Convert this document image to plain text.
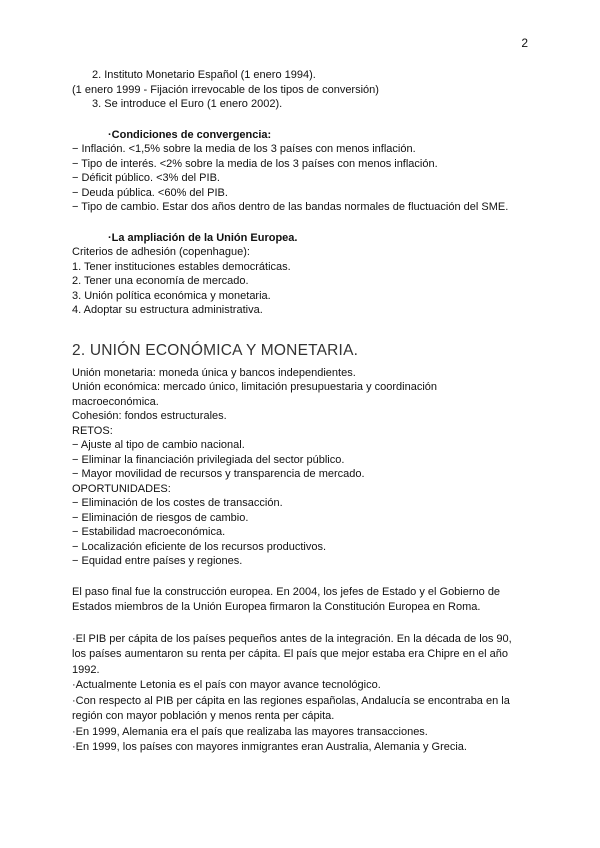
2
2. Instituto Monetario Español (1 enero 1994).
(1 enero 1999 - Fijación irrevocable de los tipos de conversión)
3. Se introduce el Euro (1 enero 2002).
·Condiciones de convergencia:
− Inflación. <1,5% sobre la media de los 3 países con menos inflación.
− Tipo de interés. <2% sobre la media de los 3 países con menos inflación.
− Déficit público. <3% del PIB.
− Deuda pública. <60% del PIB.
− Tipo de cambio. Estar dos años dentro de las bandas normales de fluctuación del SME.
·La ampliación de la Unión Europea.
Criterios de adhesión (copenhague):
1. Tener instituciones estables democráticas.
2. Tener una economía de mercado.
3. Unión política económica y monetaria.
4. Adoptar su estructura administrativa.
2. UNIÓN ECONÓMICA Y MONETARIA.
Unión monetaria: moneda única y bancos independientes.
Unión económica: mercado único, limitación presupuestaria y coordinación
macroeconómica.
Cohesión: fondos estructurales.
RETOS:
− Ajuste al tipo de cambio nacional.
− Eliminar la financiación privilegiada del sector público.
− Mayor movilidad de recursos y transparencia de mercado.
OPORTUNIDADES:
− Eliminación de los costes de transacción.
− Eliminación de riesgos de cambio.
− Estabilidad macroeconómica.
− Localización eficiente de los recursos productivos.
− Equidad entre países y regiones.
El paso final fue la construcción europea. En 2004, los jefes de Estado y el Gobierno de
Estados miembros de la Unión Europea firmaron la Constitución Europea en Roma.
·El PIB per cápita de los países pequeños antes de la integración. En la década de los 90,
los países aumentaron su renta per cápita. El país que mejor estaba era Chipre en el año
1992.
·Actualmente Letonia es el país con mayor avance tecnológico.
·Con respecto al PIB per cápita en las regiones españolas, Andalucía se encontraba en la
región con mayor población y menos renta per cápita.
·En 1999, Alemania era el país que realizaba las mayores transacciones.
·En 1999, los países con mayores inmigrantes eran Australia, Alemania y Grecia.
